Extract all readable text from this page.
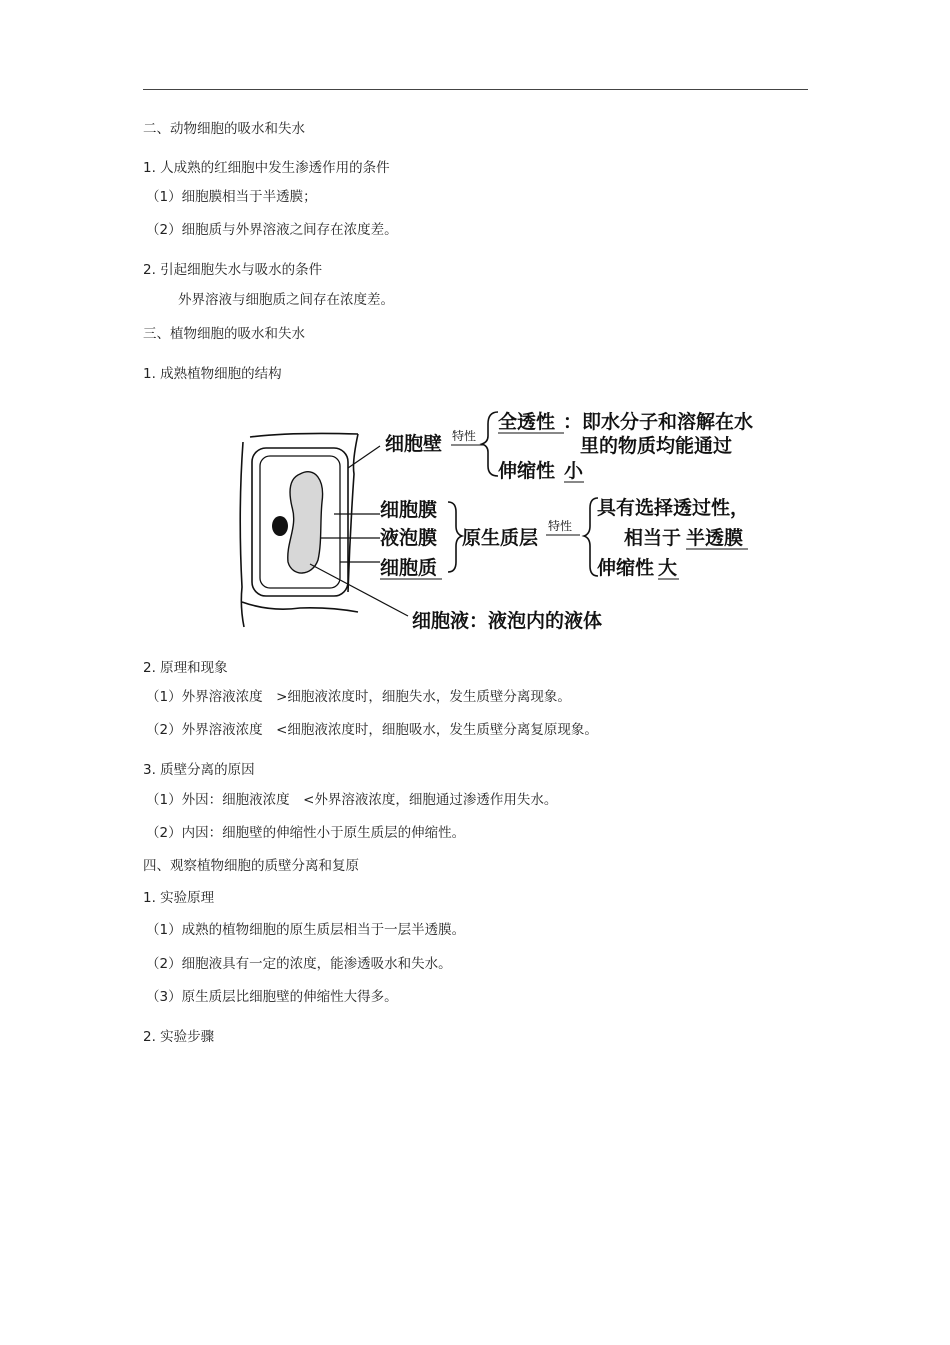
二、动物细胞的吸水和失水
1. 人成熟的红细胞中发生渗透作用的条件
（1）细胞膜相当于半透膜；
（2）细胞质与外界溶液之间存在浓度差。
2. 引起细胞失水与吸水的条件
外界溶液与细胞质之间存在浓度差。
三、植物细胞的吸水和失水
1. 成熟植物细胞的结构
细胞壁 特性
全透性 ： 即水分子和溶解在水
里的物质均能通过
伸缩性 小
细胞膜
液泡膜
细胞质
原生质层
特性
具有选择透过性，
相当于 半透膜
伸缩性 大
细胞液：液泡内的液体
2. 原理和现象
（1）外界溶液浓度　>细胞液浓度时，细胞失水，发生质壁分离现象。
（2）外界溶液浓度　<细胞液浓度时，细胞吸水，发生质壁分离复原现象。
3. 质壁分离的原因
（1）外因：细胞液浓度　<外界溶液浓度，细胞通过渗透作用失水。
（2）内因：细胞壁的伸缩性小于原生质层的伸缩性。
四、观察植物细胞的质壁分离和复原
1. 实验原理
（1）成熟的植物细胞的原生质层相当于一层半透膜。
（2）细胞液具有一定的浓度，能渗透吸水和失水。
（3）原生质层比细胞壁的伸缩性大得多。
2. 实验步骤
